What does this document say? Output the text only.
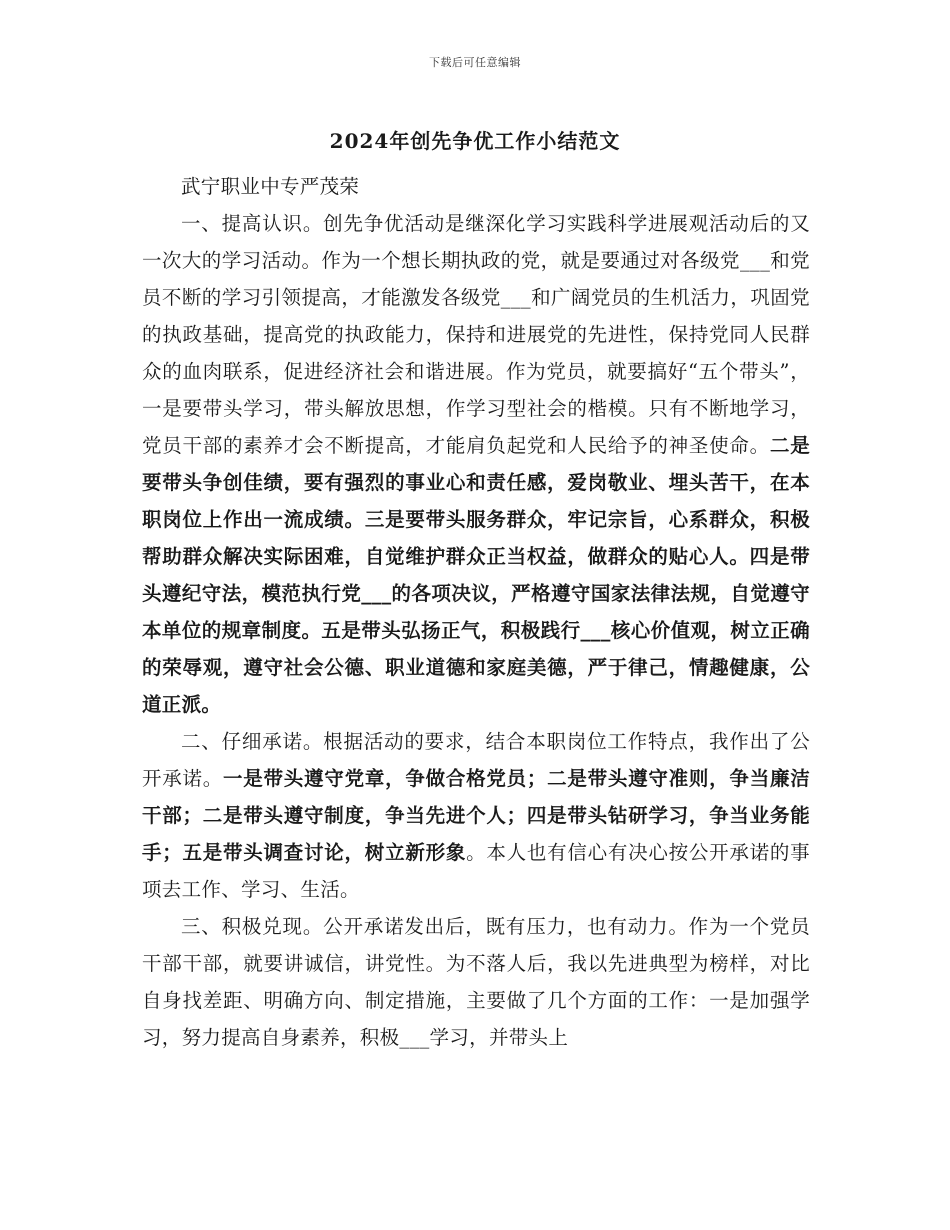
下载后可任意编辑
2024年创先争优工作小结范文

武宁职业中专严茂荣

一、提高认识。创先争优活动是继深化学习实践科学进展观活动后的又一次大的学习活动。作为一个想长期执政的党，就是要通过对各级党___和党员不断的学习引领提高，才能激发各级党___和广阔党员的生机活力，巩固党的执政基础，提高党的执政能力，保持和进展党的先进性，保持党同人民群众的血肉联系，促进经济社会和谐进展。作为党员，就要搞好“五个带头”，一是要带头学习，带头解放思想，作学习型社会的楷模。只有不断地学习，党员干部的素养才会不断提高，才能肩负起党和人民给予的神圣使命。二是要带头争创佳绩，要有强烈的事业心和责任感，爱岗敬业、埋头苦干，在本职岗位上作出一流成绩。三是要带头服务群众，牢记宗旨，心系群众，积极帮助群众解决实际困难，自觉维护群众正当权益，做群众的贴心人。四是带头遵纪守法，模范执行党___的各项决议，严格遵守国家法律法规，自觉遵守本单位的规章制度。五是带头弘扬正气，积极践行___核心价值观，树立正确的荣辱观，遵守社会公德、职业道德和家庭美德，严于律己，情趣健康，公道正派。

二、仔细承诺。根据活动的要求，结合本职岗位工作特点，我作出了公开承诺。一是带头遵守党章，争做合格党员；二是带头遵守准则，争当廉洁干部；二是带头遵守制度，争当先进个人；四是带头钻研学习，争当业务能手；五是带头调查讨论，树立新形象。本人也有信心有决心按公开承诺的事项去工作、学习、生活。

三、积极兑现。公开承诺发出后，既有压力，也有动力。作为一个党员干部干部，就要讲诚信，讲党性。为不落人后，我以先进典型为榜样，对比自身找差距、明确方向、制定措施，主要做了几个方面的工作：一是加强学习，努力提高自身素养，积极___学习，并带头上
